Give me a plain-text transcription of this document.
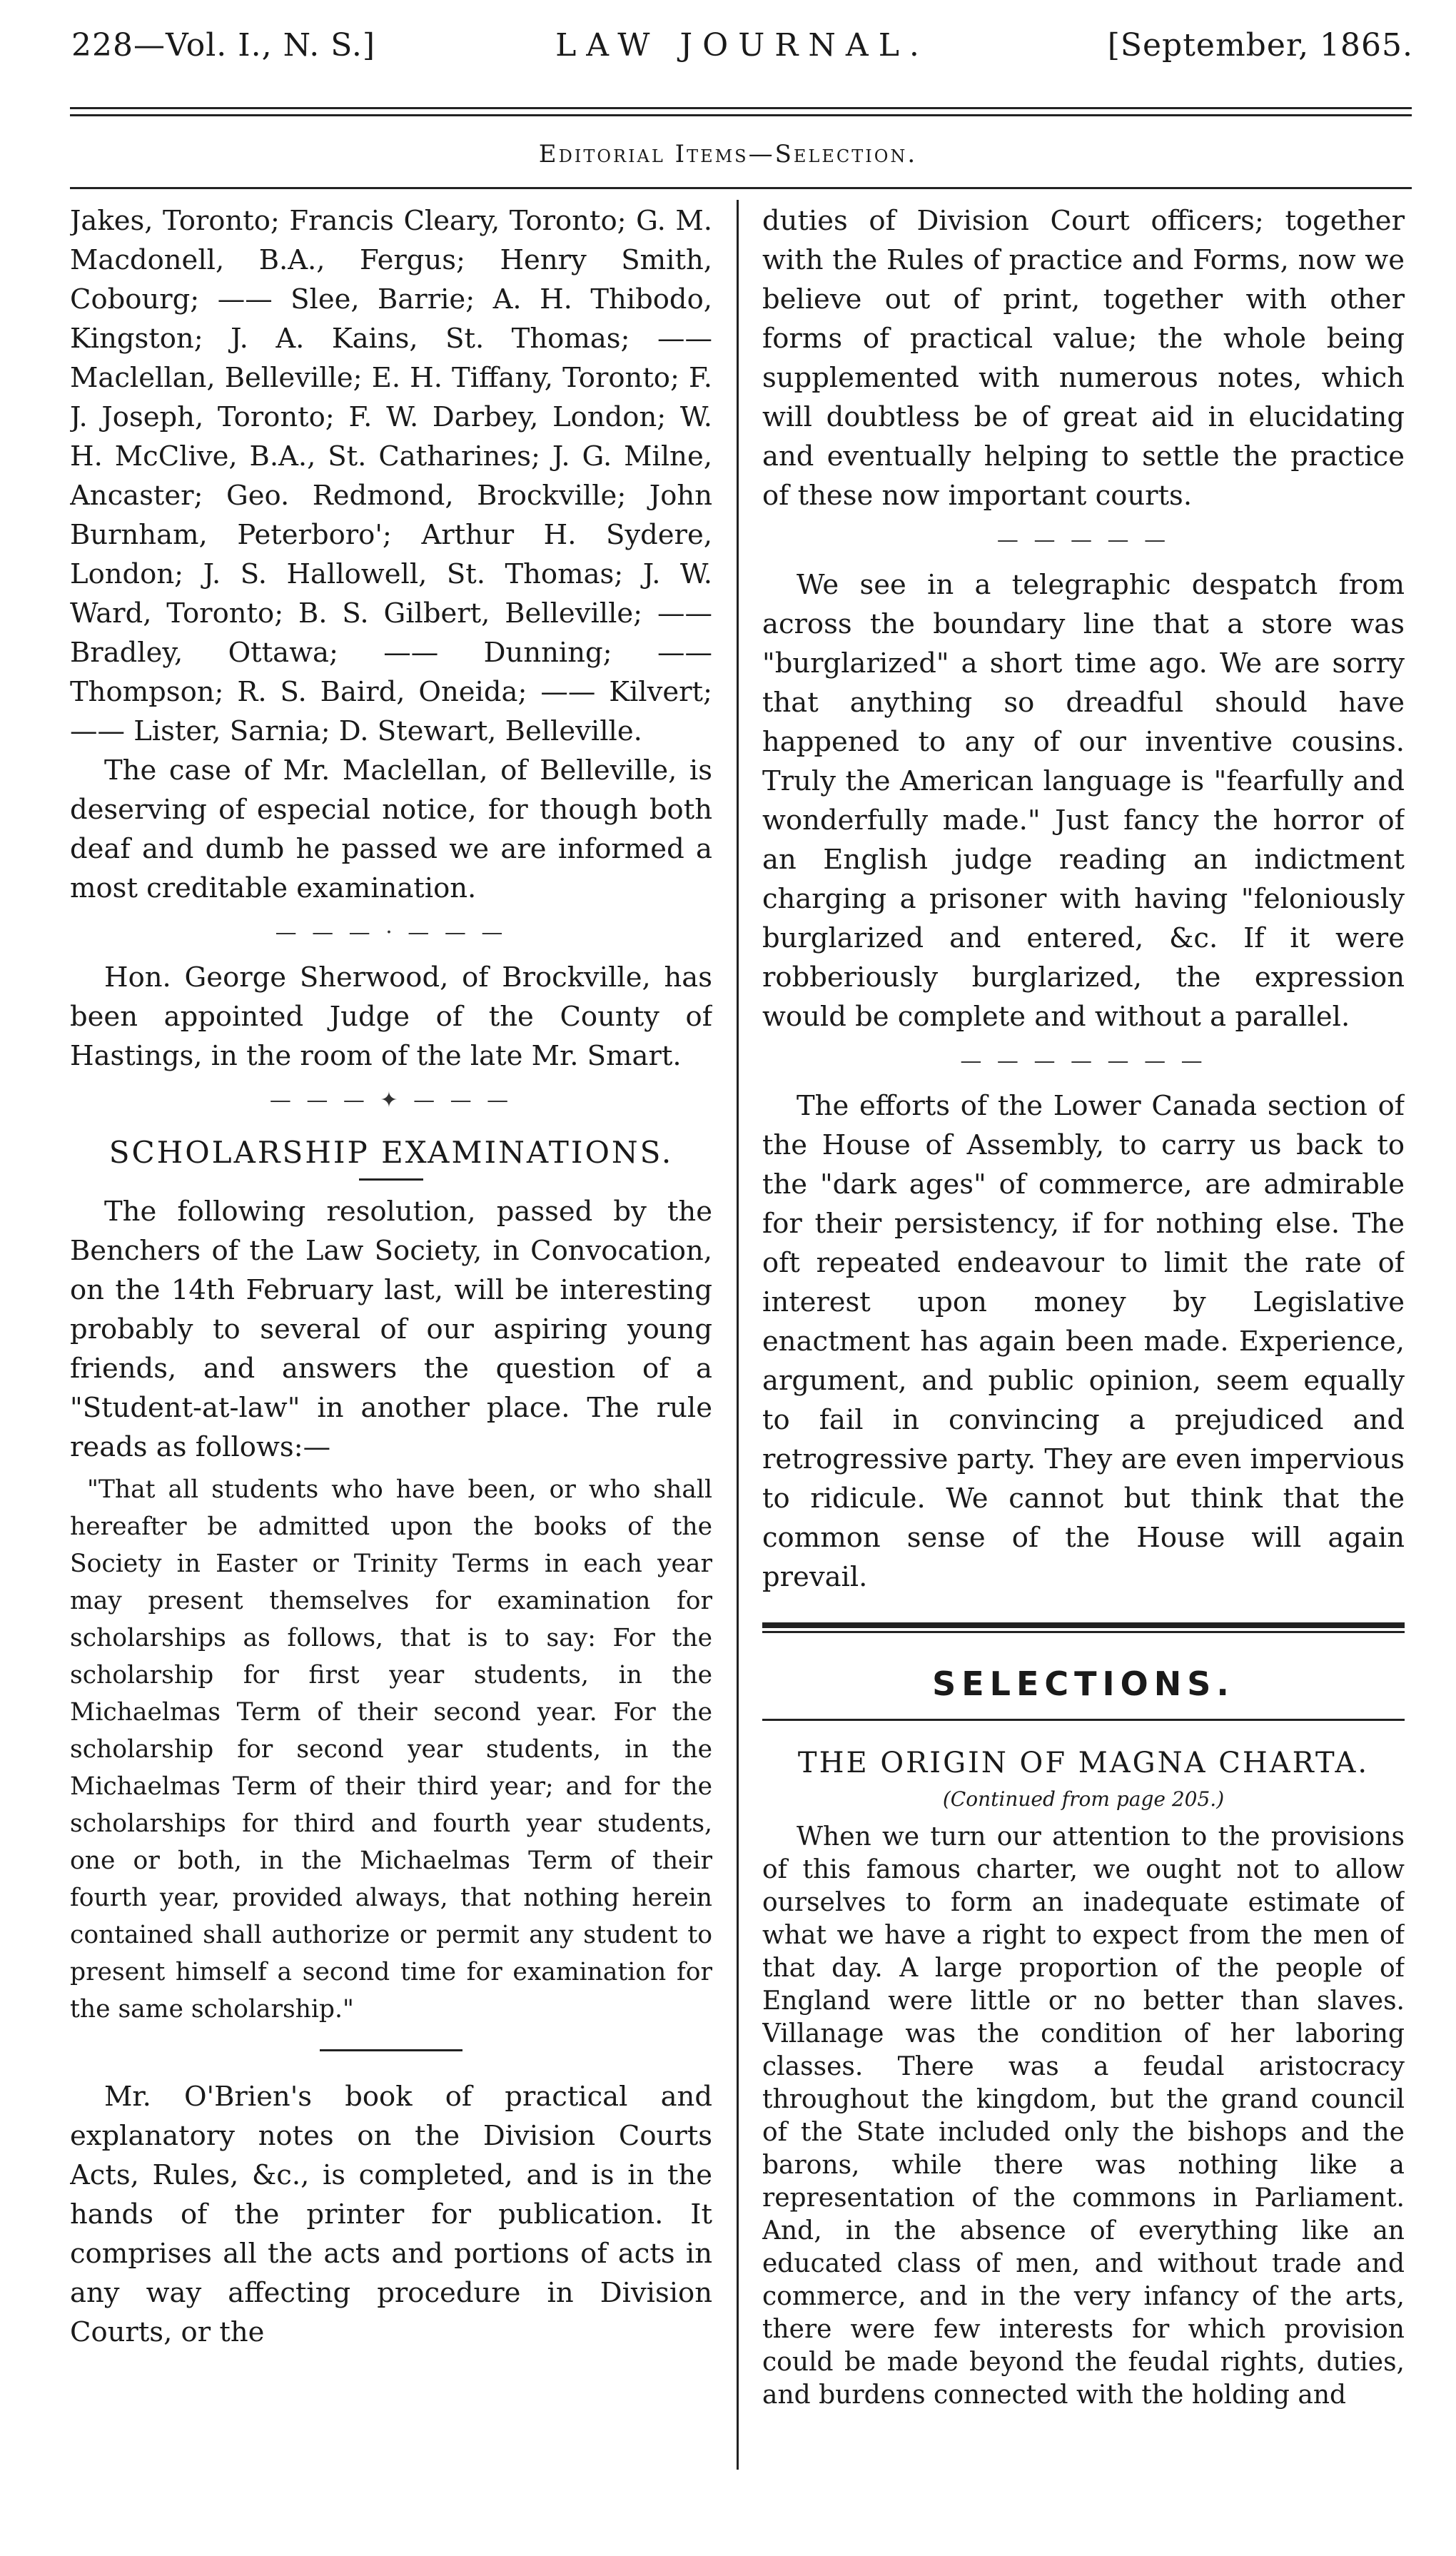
228—Vol. I., N. S.]	LAW JOURNAL.	[September, 1865.
Editorial Items—Selection.

Jakes, Toronto; Francis Cleary, Toronto; G. M. Macdonell, B.A., Fergus; Henry Smith, Cobourg; —— Slee, Barrie; A. H. Thibodo, Kingston; J. A. Kains, St. Thomas; —— Maclellan, Belleville; E. H. Tiffany, Toronto; F. J. Joseph, Toronto; F. W. Darbey, London; W. H. McClive, B.A., St. Catharines; J. G. Milne, Ancaster; Geo. Redmond, Brockville; John Burnham, Peterboro'; Arthur H. Sydere, London; J. S. Hallowell, St. Thomas; J. W. Ward, Toronto; B. S. Gilbert, Belleville; —— Bradley, Ottawa; —— Dunning; —— Thompson; R. S. Baird, Oneida; —— Kilvert; —— Lister, Sarnia; D. Stewart, Belleville.

The case of Mr. Maclellan, of Belleville, is deserving of especial notice, for though both deaf and dumb he passed we are informed a most creditable examination.

— — — · — — —

Hon. George Sherwood, of Brockville, has been appointed Judge of the County of Hastings, in the room of the late Mr. Smart.

— — — ✦ — — —
SCHOLARSHIP EXAMINATIONS.

The following resolution, passed by the Benchers of the Law Society, in Convocation, on the 14th February last, will be interesting probably to several of our aspiring young friends, and answers the question of a "Student-at-law" in another place. The rule reads as follows:—

"That all students who have been, or who shall hereafter be admitted upon the books of the Society in Easter or Trinity Terms in each year may present themselves for examination for scholarships as follows, that is to say: For the scholarship for first year students, in the Michaelmas Term of their second year. For the scholarship for second year students, in the Michaelmas Term of their third year; and for the scholarships for third and fourth year students, one or both, in the Michaelmas Term of their fourth year, provided always, that nothing herein contained shall authorize or permit any student to present himself a second time for examination for the same scholarship."

Mr. O'Brien's book of practical and explanatory notes on the Division Courts Acts, Rules, &c., is completed, and is in the hands of the printer for publication. It comprises all the acts and portions of acts in any way affecting procedure in Division Courts, or the

duties of Division Court officers; together with the Rules of practice and Forms, now we believe out of print, together with other forms of practical value; the whole being supplemented with numerous notes, which will doubtless be of great aid in elucidating and eventually helping to settle the practice of these now important courts.

— — — — —

We see in a telegraphic despatch from across the boundary line that a store was "burglarized" a short time ago. We are sorry that anything so dreadful should have happened to any of our inventive cousins. Truly the American language is "fearfully and wonderfully made." Just fancy the horror of an English judge reading an indictment charging a prisoner with having "feloniously burglarized and entered, &c. If it were robberiously burglarized, the expression would be complete and without a parallel.

— — — — — — —

The efforts of the Lower Canada section of the House of Assembly, to carry us back to the "dark ages" of commerce, are admirable for their persistency, if for nothing else. The oft repeated endeavour to limit the rate of interest upon money by Legislative enactment has again been made. Experience, argument, and public opinion, seem equally to fail in convincing a prejudiced and retrogressive party. They are even impervious to ridicule. We cannot but think that the common sense of the House will again prevail.

SELECTIONS.
THE ORIGIN OF MAGNA CHARTA.
(Continued from page 205.)

When we turn our attention to the provisions of this famous charter, we ought not to allow ourselves to form an inadequate estimate of what we have a right to expect from the men of that day. A large proportion of the people of England were little or no better than slaves. Villanage was the condition of her laboring classes. There was a feudal aristocracy throughout the kingdom, but the grand council of the State included only the bishops and the barons, while there was nothing like a representation of the commons in Parliament. And, in the absence of everything like an educated class of men, and without trade and commerce, and in the very infancy of the arts, there were few interests for which provision could be made beyond the feudal rights, duties, and burdens connected with the holding and
